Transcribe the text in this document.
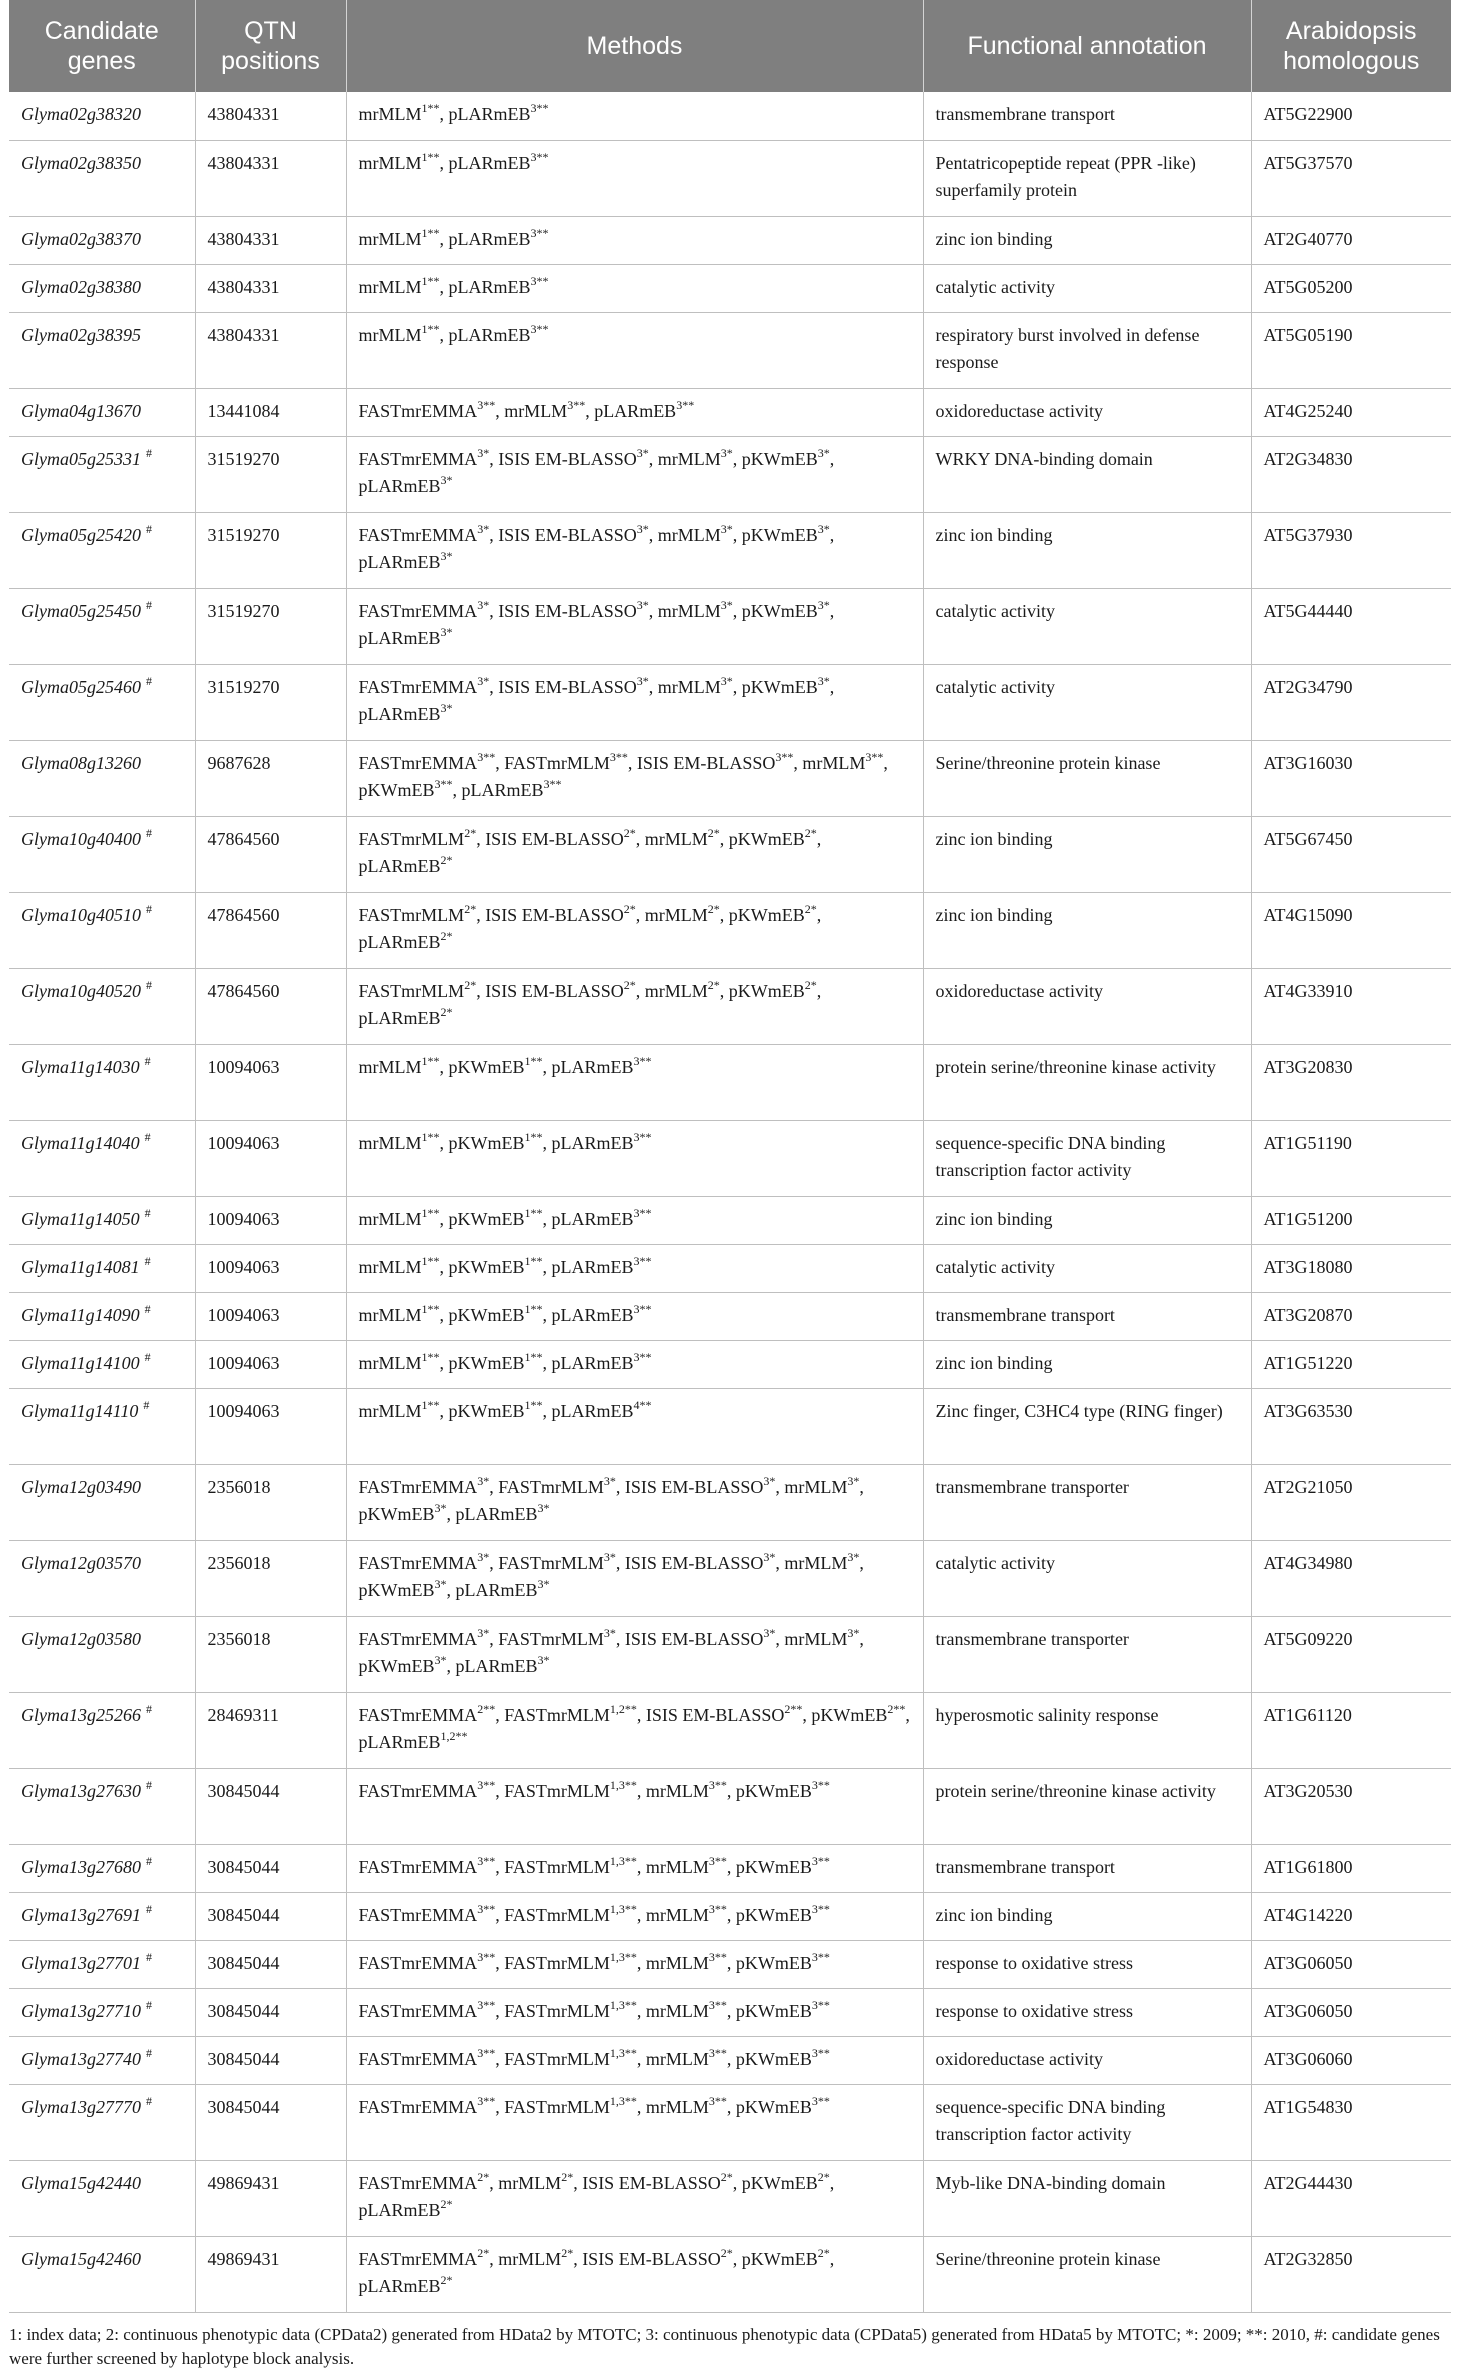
Candidate genes	QTN positions	Methods	Functional annotation	Arabidopsis homologous
Glyma02g38320	43804331	mrMLM$^{1**}$, pLARmEB$^{3**}$	transmembrane transport	AT5G22900
Glyma02g38350	43804331	mrMLM$^{1**}$, pLARmEB$^{3**}$	Pentatricopeptide repeat (PPR -like) superfamily protein	AT5G37570
Glyma02g38370	43804331	mrMLM$^{1**}$, pLARmEB$^{3**}$	zinc ion binding	AT2G40770
Glyma02g38380	43804331	mrMLM$^{1**}$, pLARmEB$^{3**}$	catalytic activity	AT5G05200
Glyma02g38395	43804331	mrMLM$^{1**}$, pLARmEB$^{3**}$	respiratory burst involved in defense response	AT5G05190
Glyma04g13670	13441084	FASTmrEMMA$^{3**}$, mrMLM$^{3**}$, pLARmEB$^{3**}$	oxidoreductase activity	AT4G25240
Glyma05g25331 #	31519270	FASTmrEMMA$^{3*}$, ISIS $EM-BLASSO^{3*}$, mrMLM$^{3*}$, pKWmEB$^{3*}$, pLARmEB$^{3*}$	WRKY DNA-binding domain	AT2G34830
Glyma05g25420 #	31519270	FASTmrEMMA$^{3*}$, ISIS $EM-BLASSO^{3*}$, mrMLM$^{3*}$, pKWmEB$^{3*}$, pLARmEB$^{3*}$	zinc ion binding	AT5G37930
Glyma05g25450 #	31519270	FASTmrEMMA$^{3*}$, ISIS $EM-BLASSO^{3*}$, mrMLM$^{3*}$, pKWmEB$^{3*}$, pLARmEB$^{3*}$	catalytic activity	AT5G44440
Glyma05g25460 #	31519270	FASTmrEMMA$^{3*}$, ISIS $EM-BLASSO^{3*}$, mrMLM$^{3*}$, pKWmEB$^{3*}$, pLARmEB$^{3*}$	catalytic activity	AT2G34790
Glyma08g13260	9687628	FASTmrEMMA$^{3**}$, FASTmrMLM$^{3**}$, ISIS $EM-BLASSO^{3**}$, mrMLM$^{3**}$, pKWmEB$^{3**}$, pLARmEB$^{3**}$	Serine/threonine protein kinase	AT3G16030
Glyma10g40400 #	47864560	FASTmrMLM$^{2*}$, ISIS $EM-BLASSO^{2*}$, mrMLM$^{2*}$, pKWmEB$^{2*}$, pLARmEB$^{2*}$	zinc ion binding	AT5G67450
Glyma10g40510 #	47864560	FASTmrMLM$^{2*}$, ISIS $EM-BLASSO^{2*}$, mrMLM$^{2*}$, pKWmEB$^{2*}$, pLARmEB$^{2*}$	zinc ion binding	AT4G15090
Glyma10g40520 #	47864560	FASTmrMLM$^{2*}$, ISIS $EM-BLASSO^{2*}$, mrMLM$^{2*}$, pKWmEB$^{2*}$, pLARmEB$^{2*}$	oxidoreductase activity	AT4G33910
Glyma11g14030 #	10094063	mrMLM$^{1**}$, pKWmEB$^{1**}$, pLARmEB$^{3**}$	protein serine/threonine kinase activity	AT3G20830
Glyma11g14040 #	10094063	mrMLM$^{1**}$, pKWmEB$^{1**}$, pLARmEB$^{3**}$	sequence-specific DNA binding transcription factor activity	AT1G51190
Glyma11g14050 #	10094063	mrMLM$^{1**}$, pKWmEB$^{1**}$, pLARmEB$^{3**}$	zinc ion binding	AT1G51200
Glyma11g14081 #	10094063	mrMLM$^{1**}$, pKWmEB$^{1**}$, pLARmEB$^{3**}$	catalytic activity	AT3G18080
Glyma11g14090 #	10094063	mrMLM$^{1**}$, pKWmEB$^{1**}$, pLARmEB$^{3**}$	transmembrane transport	AT3G20870
Glyma11g14100 #	10094063	mrMLM$^{1**}$, pKWmEB$^{1**}$, pLARmEB$^{3**}$	zinc ion binding	AT1G51220
Glyma11g14110 #	10094063	mrMLM$^{1**}$, pKWmEB$^{1**}$, pLARmEB$^{4**}$	Zinc finger, C3HC4 type (RING finger)	AT3G63530
Glyma12g03490	2356018	FASTmrEMMA$^{3*}$, FASTmrMLM$^{3*}$, ISIS $EM-BLASSO^{3*}$, mrMLM$^{3*}$, pKWmEB$^{3*}$, pLARmEB$^{3*}$	transmembrane transporter	AT2G21050
Glyma12g03570	2356018	FASTmrEMMA$^{3*}$, FASTmrMLM$^{3*}$, ISIS $EM-BLASSO^{3*}$, mrMLM$^{3*}$, pKWmEB$^{3*}$, pLARmEB$^{3*}$	catalytic activity	AT4G34980
Glyma12g03580	2356018	FASTmrEMMA$^{3*}$, FASTmrMLM$^{3*}$, ISIS $EM-BLASSO^{3*}$, mrMLM$^{3*}$, pKWmEB$^{3*}$, pLARmEB$^{3*}$	transmembrane transporter	AT5G09220
Glyma13g25266 #	28469311	FASTmrEMMA$^{2**}$, FASTmrMLM$^{1,2**}$, ISIS $EM-BLASSO^{2**}$, pKWmEB$^{2**}$, pLARmEB$^{1,2**}$	hyperosmotic salinity response	AT1G61120
Glyma13g27630 #	30845044	FASTmrEMMA$^{3**}$, FASTmrMLM$^{1,3**}$, mrMLM$^{3**}$, pKWmEB$^{3**}$	protein serine/threonine kinase activity	AT3G20530
Glyma13g27680 #	30845044	FASTmrEMMA$^{3**}$, FASTmrMLM$^{1,3**}$, mrMLM$^{3**}$, pKWmEB$^{3**}$	transmembrane transport	AT1G61800
Glyma13g27691 #	30845044	FASTmrEMMA$^{3**}$, FASTmrMLM$^{1,3**}$, mrMLM$^{3**}$, pKWmEB$^{3**}$	zinc ion binding	AT4G14220
Glyma13g27701 #	30845044	FASTmrEMMA$^{3**}$, FASTmrMLM$^{1,3**}$, mrMLM$^{3**}$, pKWmEB$^{3**}$	response to oxidative stress	AT3G06050
Glyma13g27710 #	30845044	FASTmrEMMA$^{3**}$, FASTmrMLM$^{1,3**}$, mrMLM$^{3**}$, pKWmEB$^{3**}$	response to oxidative stress	AT3G06050
Glyma13g27740 #	30845044	FASTmrEMMA$^{3**}$, FASTmrMLM$^{1,3**}$, mrMLM$^{3**}$, pKWmEB$^{3**}$	oxidoreductase activity	AT3G06060
Glyma13g27770 #	30845044	FASTmrEMMA$^{3**}$, FASTmrMLM$^{1,3**}$, mrMLM$^{3**}$, pKWmEB$^{3**}$	sequence-specific DNA binding transcription factor activity	AT1G54830
Glyma15g42440	49869431	FASTmrEMMA$^{2*}$, mrMLM$^{2*}$, ISIS $EM-BLASSO^{2*}$, pKWmEB$^{2*}$, pLARmEB$^{2*}$	Myb-like DNA-binding domain	AT2G44430
Glyma15g42460	49869431	FASTmrEMMA$^{2*}$, mrMLM$^{2*}$, ISIS $EM-BLASSO^{2*}$, pKWmEB$^{2*}$, pLARmEB$^{2*}$	Serine/threonine protein kinase	AT2G32850

1: index data; 2: continuous phenotypic data (CPData2) generated from HData2 by MTOTC; 3: continuous phenotypic data (CPData5) generated from HData5 by MTOTC; *: 2009; **: 2010, #: candidate genes were further screened by haplotype block analysis.
